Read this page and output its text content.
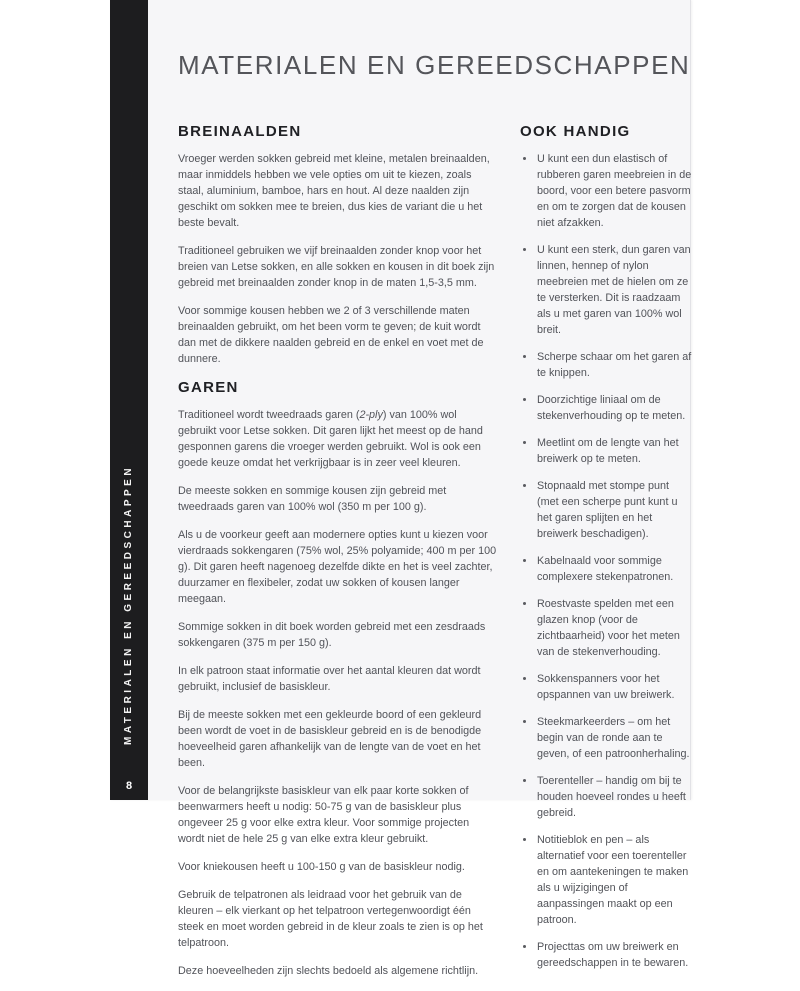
MATERIALEN EN GEREEDSCHAPPEN
8
MATERIALEN EN GEREEDSCHAPPEN
BREINAALDEN

Vroeger werden sokken gebreid met kleine, metalen breinaalden, maar inmiddels hebben we vele opties om uit te kiezen, zoals staal, aluminium, bamboe, hars en hout. Al deze naalden zijn geschikt om sokken mee te breien, dus kies de variant die u het beste bevalt.

Traditioneel gebruiken we vijf breinaalden zonder knop voor het breien van Letse sokken, en alle sokken en kousen in dit boek zijn gebreid met breinaalden zonder knop in de maten 1,5-3,5 mm.

Voor sommige kousen hebben we 2 of 3 verschillende maten breinaalden gebruikt, om het been vorm te geven; de kuit wordt dan met de dikkere naalden gebreid en de enkel en voet met de dunnere.

GAREN

Traditioneel wordt tweedraads garen (2-ply) van 100% wol gebruikt voor Letse sokken. Dit garen lijkt het meest op de hand gesponnen garens die vroeger werden gebruikt. Wol is ook een goede keuze omdat het verkrijgbaar is in zeer veel kleuren.

De meeste sokken en sommige kousen zijn gebreid met tweedraads garen van 100% wol (350 m per 100 g).

Als u de voorkeur geeft aan modernere opties kunt u kiezen voor vierdraads sokkengaren (75% wol, 25% polyamide; 400 m per 100 g). Dit garen heeft nagenoeg dezelfde dikte en het is veel zachter, duurzamer en flexibeler, zodat uw sokken of kousen langer meegaan.

Sommige sokken in dit boek worden gebreid met een zesdraads sokkengaren (375 m per 150 g).

In elk patroon staat informatie over het aantal kleuren dat wordt gebruikt, inclusief de basiskleur.

Bij de meeste sokken met een gekleurde boord of een gekleurd been wordt de voet in de basiskleur gebreid en is de benodigde hoeveelheid garen afhankelijk van de lengte van de voet en het been.

Voor de belangrijkste basiskleur van elk paar korte sokken of beenwarmers heeft u nodig: 50-75 g van de basiskleur plus ongeveer 25 g voor elke extra kleur. Voor sommige projecten wordt niet de hele 25 g van elke extra kleur gebruikt.

Voor kniekousen heeft u 100-150 g van de basiskleur nodig.

Gebruik de telpatronen als leidraad voor het gebruik van de kleuren – elk vierkant op het telpatroon vertegenwoordigt één steek en moet worden gebreid in de kleur zoals te zien is op het telpatroon.

Deze hoeveelheden zijn slechts bedoeld als algemene richtlijn.

OOK HANDIG
U kunt een dun elastisch of rubberen garen meebreien in de boord, voor een betere pasvorm en om te zorgen dat de kousen niet afzakken.
U kunt een sterk, dun garen van linnen, hennep of nylon meebreien met de hielen om ze te versterken. Dit is raadzaam als u met garen van 100% wol breit.
Scherpe schaar om het garen af te knippen.
Doorzichtige liniaal om de stekenverhouding op te meten.
Meetlint om de lengte van het breiwerk op te meten.
Stopnaald met stompe punt (met een scherpe punt kunt u het garen splijten en het breiwerk beschadigen).
Kabelnaald voor sommige complexere stekenpatronen.
Roestvaste spelden met een glazen knop (voor de zichtbaarheid) voor het meten van de stekenverhouding.
Sokkenspanners voor het opspannen van uw breiwerk.
Steekmarkeerders – om het begin van de ronde aan te geven, of een patroonherhaling.
Toerenteller – handig om bij te houden hoeveel rondes u heeft gebreid.
Notitieblok en pen – als alternatief voor een toerenteller en om aantekeningen te maken als u wijzigingen of aanpassingen maakt op een patroon.
Projecttas om uw breiwerk en gereedschappen in te bewaren.
